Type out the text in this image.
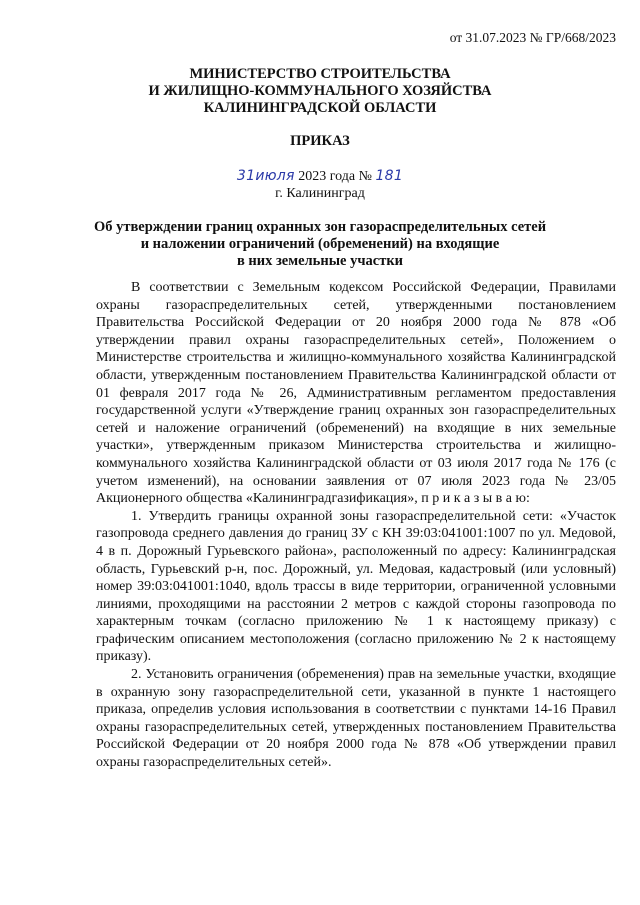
от 31.07.2023 № ГР/668/2023
МИНИСТЕРСТВО СТРОИТЕЛЬСТВА
И ЖИЛИЩНО-КОММУНАЛЬНОГО ХОЗЯЙСТВА
КАЛИНИНГРАДСКОЙ ОБЛАСТИ
ПРИКАЗ
31июля 2023 года № 181
г. Калининград
Об утверждении границ охранных зон газораспределительных сетей
и наложении ограничений (обременений) на входящие
в них земельные участки

В соответствии с Земельным кодексом Российской Федерации, Правилами охраны газораспределительных сетей, утвержденными постановлением Правительства Российской Федерации от 20 ноября 2000 года № 878 «Об утверждении правил охраны газораспределительных сетей», Положением о Министерстве строительства и жилищно-коммунального хозяйства Калининградской области, утвержденным постановлением Правительства Калининградской области от 01 февраля 2017 года № 26, Административным регламентом предоставления государственной услуги «Утверждение границ охранных зон газораспределительных сетей и наложение ограничений (обременений) на входящие в них земельные участки», утвержденным приказом Министерства строительства и жилищно-коммунального хозяйства Калининградской области от 03 июля 2017 года № 176 (с учетом изменений), на основании заявления от 07 июля 2023 года № 23/05 Акционерного общества «Калининградгазификация», п р и к а з ы в а ю:

1. Утвердить границы охранной зоны газораспределительной сети: «Участок газопровода среднего давления до границ ЗУ с КН 39:03:041001:1007 по ул. Медовой, 4 в п. Дорожный Гурьевского района», расположенный по адресу: Калининградская область, Гурьевский р-н, пос. Дорожный, ул. Медовая, кадастровый (или условный) номер 39:03:041001:1040, вдоль трассы в виде территории, ограниченной условными линиями, проходящими на расстоянии 2 метров с каждой стороны газопровода по характерным точкам (согласно приложению № 1 к настоящему приказу) с графическим описанием местоположения (согласно приложению № 2 к настоящему приказу).

2. Установить ограничения (обременения) прав на земельные участки, входящие в охранную зону газораспределительной сети, указанной в пункте 1 настоящего приказа, определив условия использования в соответствии с пунктами 14-16 Правил охраны газораспределительных сетей, утвержденных постановлением Правительства Российской Федерации от 20 ноября 2000 года № 878 «Об утверждении правил охраны газораспределительных сетей».
